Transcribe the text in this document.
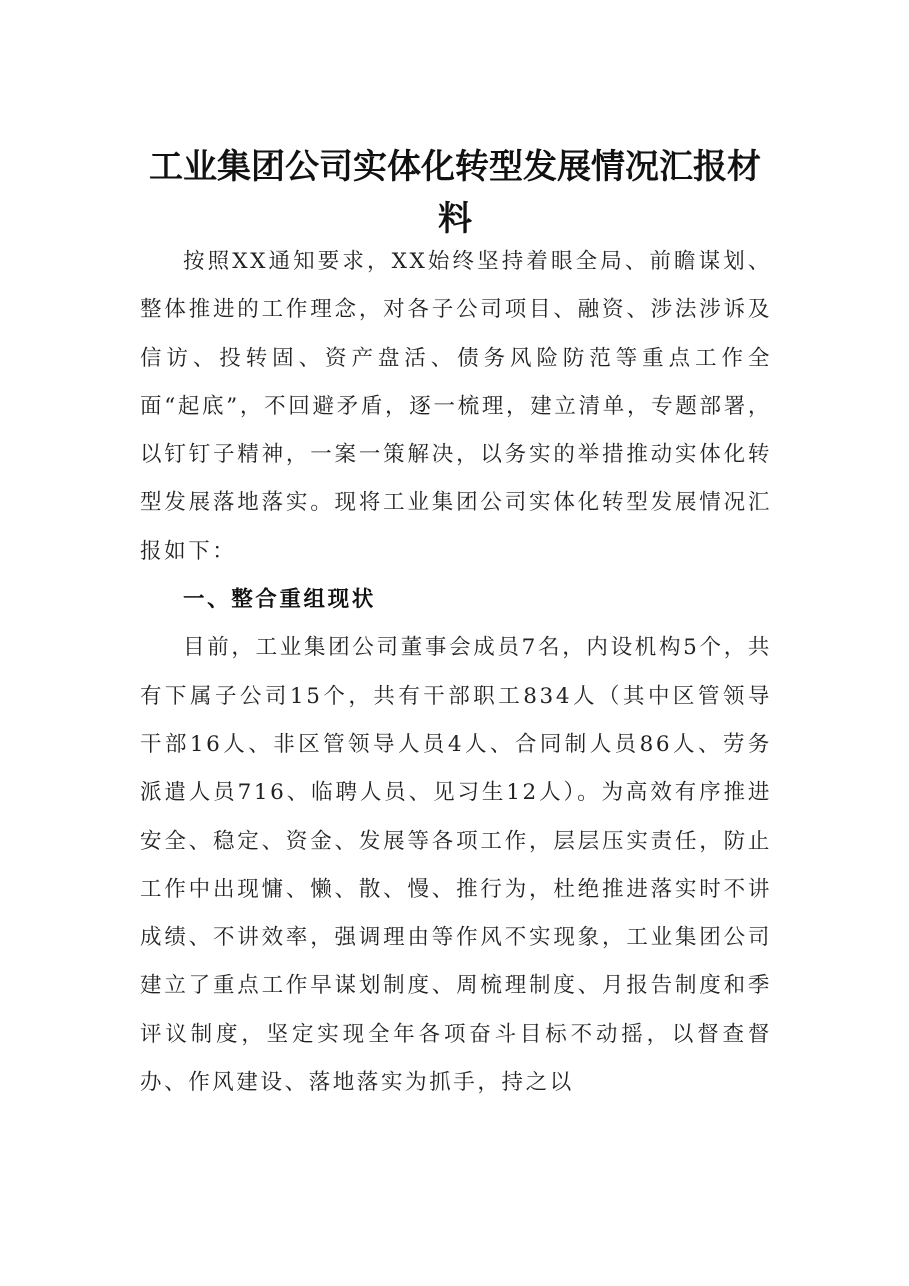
工业集团公司实体化转型发展情况汇报材料

按照XX通知要求，XX始终坚持着眼全局、前瞻谋划、整体推进的工作理念，对各子公司项目、融资、涉法涉诉及信访、投转固、资产盘活、债务风险防范等重点工作全面“起底”，不回避矛盾，逐一梳理，建立清单，专题部署，以钉钉子精神，一案一策解决，以务实的举措推动实体化转型发展落地落实。现将工业集团公司实体化转型发展情况汇报如下：

一、整合重组现状

目前，工业集团公司董事会成员7名，内设机构5个，共有下属子公司15个，共有干部职工834人（其中区管领导干部16人、非区管领导人员4人、合同制人员86人、劳务派遣人员716、临聘人员、见习生12人）。为高效有序推进安全、稳定、资金、发展等各项工作，层层压实责任，防止工作中出现慵、懒、散、慢、推行为，杜绝推进落实时不讲成绩、不讲效率，强调理由等作风不实现象，工业集团公司建立了重点工作早谋划制度、周梳理制度、月报告制度和季评议制度，坚定实现全年各项奋斗目标不动摇，以督查督办、作风建设、落地落实为抓手，持之以
